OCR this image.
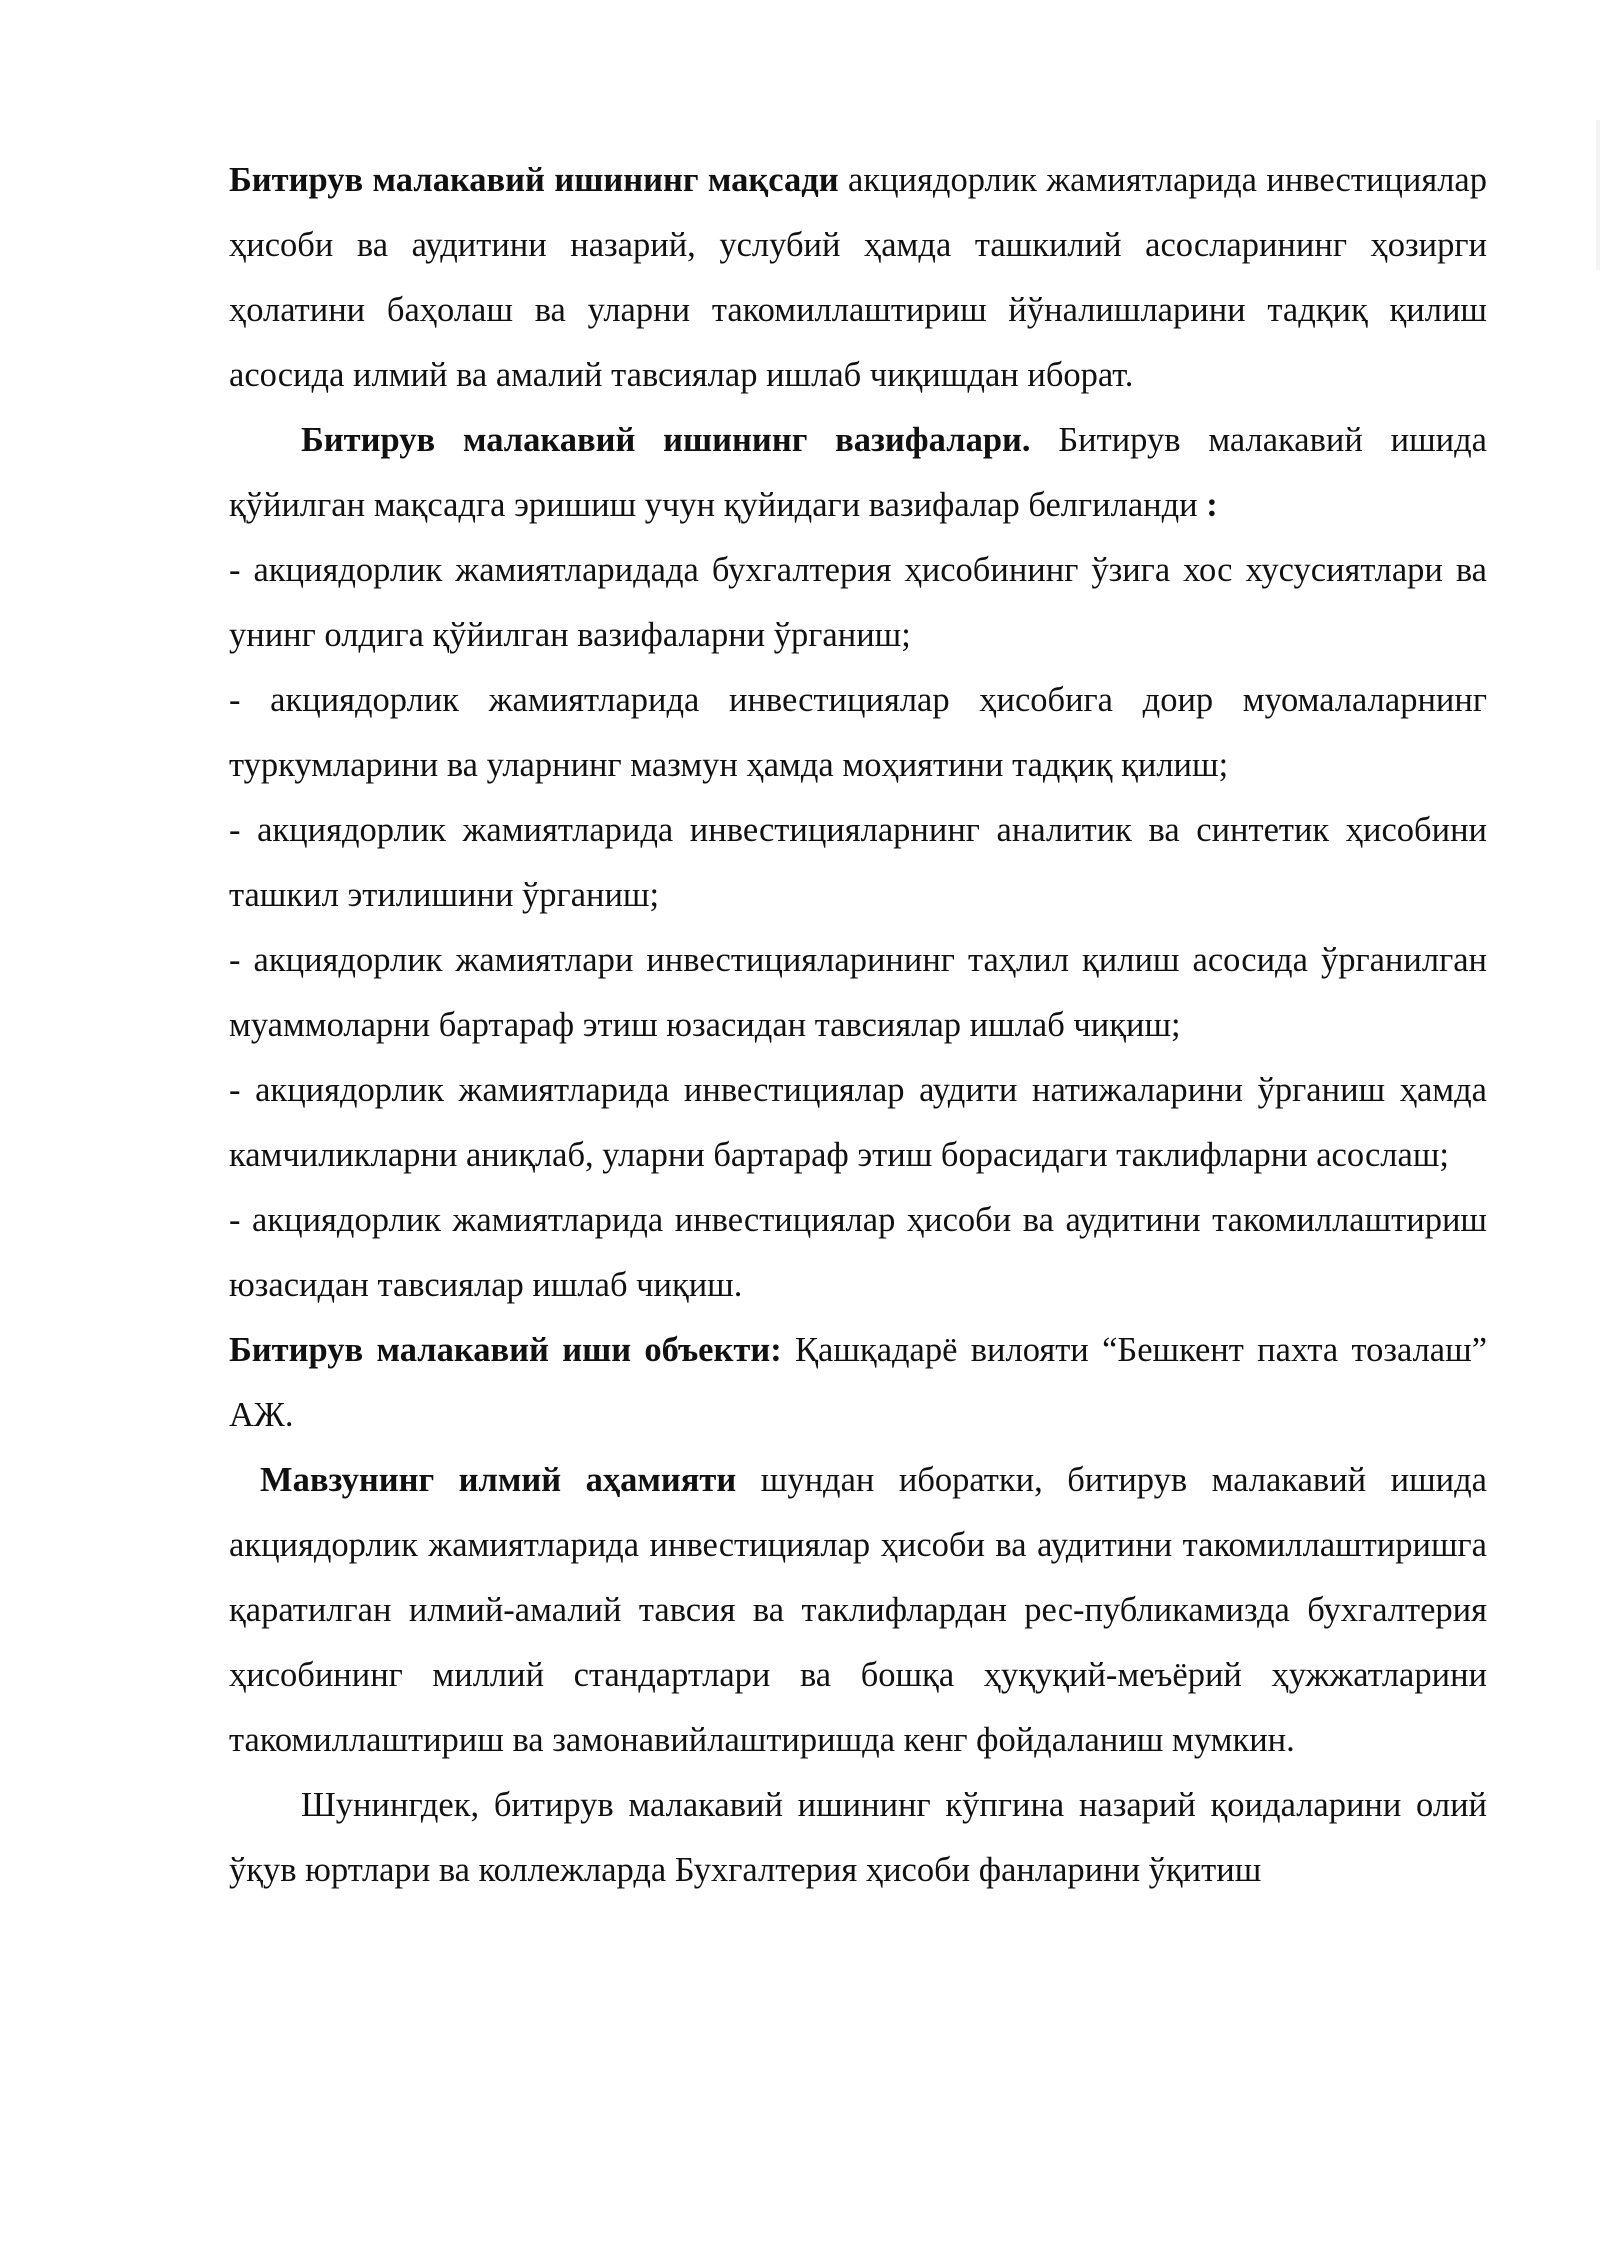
Битирув малакавий ишининг мақсади акциядорлик жамиятларида инвестициялар ҳисоби ва аудитини назарий, услубий ҳамда ташкилий асосларининг ҳозирги ҳолатини баҳолаш ва уларни такомиллаштириш йўналишларини тадқиқ қилиш асосида илмий ва амалий тавсиялар ишлаб чиқишдан иборат.

Битирув малакавий ишининг вазифалари. Битирув малакавий ишида қўйилган мақсадга эришиш учун қуйидаги вазифалар белгиланди :

- акциядорлик жамиятларидада бухгалтерия ҳисобининг ўзига хос хусусиятлари ва унинг олдига қўйилган вазифаларни ўрганиш;

- акциядорлик жамиятларида инвестициялар ҳисобига доир муомалаларнинг туркумларини ва уларнинг мазмун ҳамда моҳиятини тадқиқ қилиш;

- акциядорлик жамиятларида инвестицияларнинг аналитик ва синтетик ҳисобини ташкил этилишини ўрганиш;

- акциядорлик жамиятлари инвестицияларининг таҳлил қилиш асосида ўрганилган муаммоларни бартараф этиш юзасидан тавсиялар ишлаб чиқиш;

- акциядорлик жамиятларида инвестициялар аудити натижаларини ўрганиш ҳамда камчиликларни аниқлаб, уларни бартараф этиш борасидаги таклифларни асослаш;

- акциядорлик жамиятларида инвестициялар ҳисоби ва аудитини такомиллаштириш юзасидан тавсиялар ишлаб чиқиш.

Битирув малакавий иши объекти: Қашқадарё вилояти “Бешкент пахта тозалаш” АЖ.

Мавзунинг илмий аҳамияти шундан иборатки, битирув малакавий ишида акциядорлик жамиятларида инвестициялар ҳисоби ва аудитини такомиллаштиришга қаратилган илмий-амалий тавсия ва таклифлардан рес-публикамизда бухгалтерия ҳисобининг миллий стандартлари ва бошқа ҳуқуқий-меъёрий ҳужжатларини такомиллаштириш ва замонавийлаштиришда кенг фойдаланиш мумкин.

Шунингдек, битирув малакавий ишининг кўпгина назарий қоидаларини олий ўқув юртлари ва коллежларда Бухгалтерия ҳисоби фанларини ўқитиш
